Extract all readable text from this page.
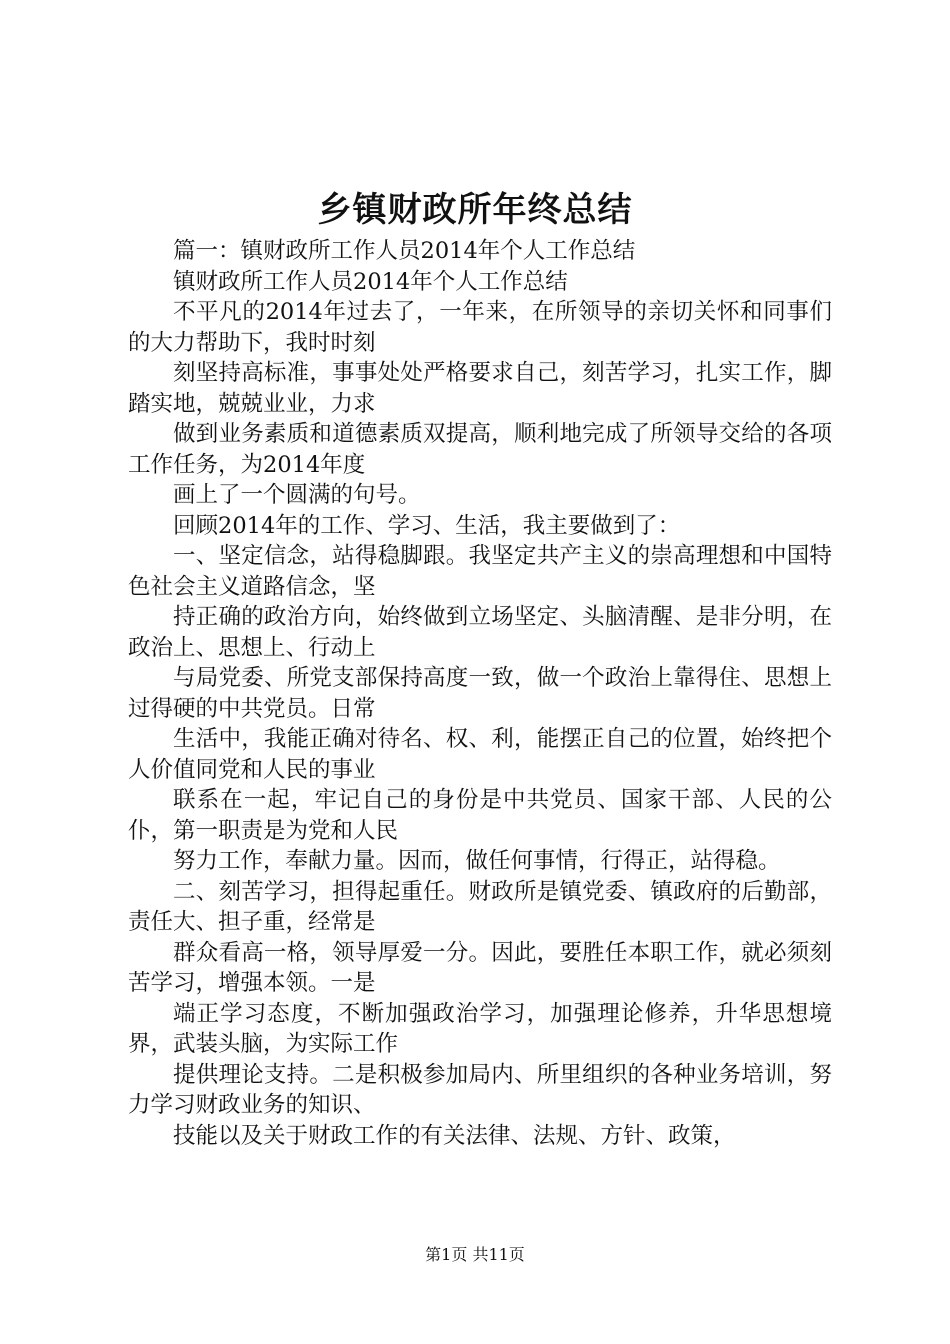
乡镇财政所年终总结

篇一：镇财政所工作人员2014年个人工作总结

镇财政所工作人员2014年个人工作总结

不平凡的2014年过去了，一年来，在所领导的亲切关怀和同事们的大力帮助下，我时时刻

刻坚持高标准，事事处处严格要求自己，刻苦学习，扎实工作，脚踏实地，兢兢业业，力求

做到业务素质和道德素质双提高，顺利地完成了所领导交给的各项工作任务，为2014年度

画上了一个圆满的句号。

回顾2014年的工作、学习、生活，我主要做到了：

一、坚定信念，站得稳脚跟。我坚定共产主义的崇高理想和中国特色社会主义道路信念，坚

持正确的政治方向，始终做到立场坚定、头脑清醒、是非分明，在政治上、思想上、行动上

与局党委、所党支部保持高度一致，做一个政治上靠得住、思想上过得硬的中共党员。日常

生活中，我能正确对待名、权、利，能摆正自己的位置，始终把个人价值同党和人民的事业

联系在一起，牢记自己的身份是中共党员、国家干部、人民的公仆，第一职责是为党和人民

努力工作，奉献力量。因而，做任何事情，行得正，站得稳。

二、刻苦学习，担得起重任。财政所是镇党委、镇政府的后勤部，责任大、担子重，经常是

群众看高一格，领导厚爱一分。因此，要胜任本职工作，就必须刻苦学习，增强本领。一是

端正学习态度，不断加强政治学习，加强理论修养，升华思想境界，武装头脑，为实际工作

提供理论支持。二是积极参加局内、所里组织的各种业务培训，努力学习财政业务的知识、

技能以及关于财政工作的有关法律、法规、方针、政策，

第1页 共11页
